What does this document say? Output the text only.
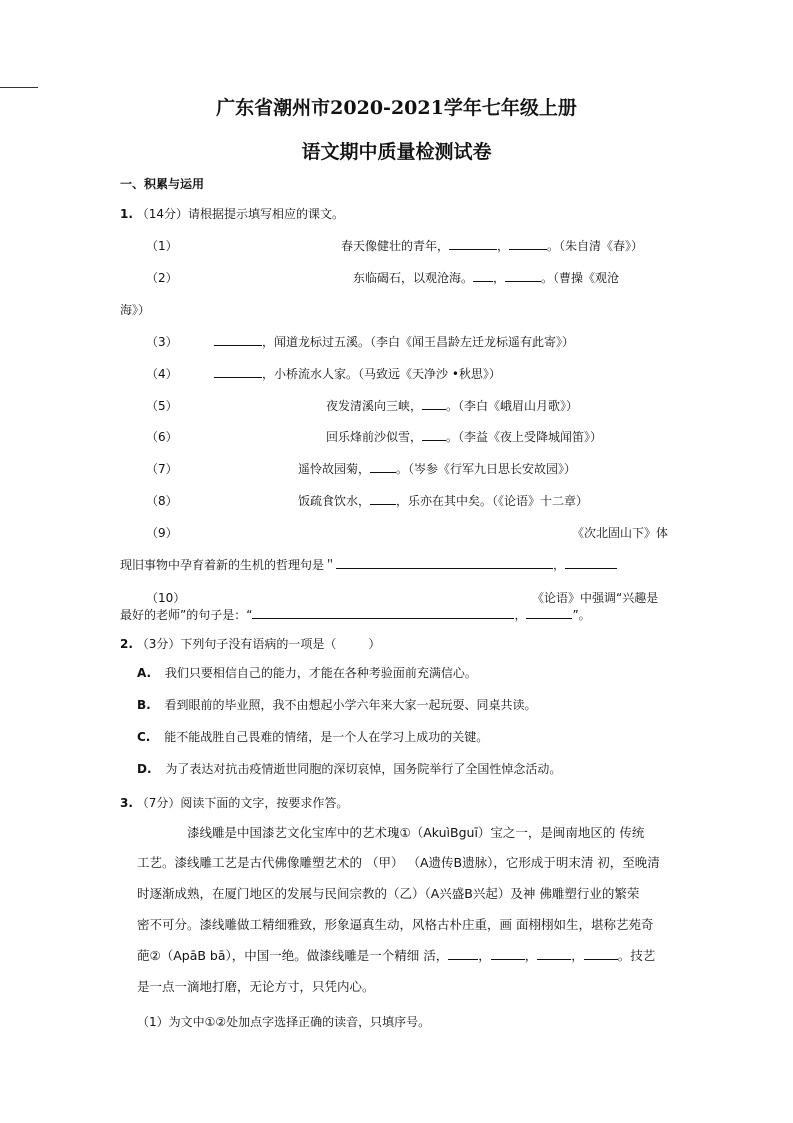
广东省潮州市2020-2021学年七年级上册
语文期中质量检测试卷
一、积累与运用
1. （14分）请根据提示填写相应的课文。
（1）	春天像健壮的青年，	，	。（朱自清《春》）
（2）	东临碣石，以观沧海。 ，	。（曹操《观沧
海》）
（3）	，闻道龙标过五溪。（李白《闻王昌龄左迁龙标遥有此寄》）
（4）	，小桥流水人家。（马致远《天净沙 •秋思》）
（5）	夜发清溪向三峡， 。（李白《峨眉山月歌》）
（6）	回乐烽前沙似雪， 。（李益《夜上受降城闻笛》）
（7）	遥怜故园菊， 。（岑参《行军九日思长安故园》）
（8）	饭疏食饮水， ，乐亦在其中矣。（《论语》十二章）
（9）	《次北固山下》体
现旧事物中孕育着新的生机的哲理句是＂	，
（10）	《论语》中强调“兴趣是
最好的老师”的句子是：“	，	”。
2. （3分）下列句子没有语病的一项是（	）
A. 我们只要相信自己的能力，才能在各种考验面前充满信心。
B. 看到眼前的毕业照，我不由想起小学六年来大家一起玩耍、同桌共读。
C. 能不能战胜自己畏难的情绪，是一个人在学习上成功的关键。
D. 为了表达对抗击疫情逝世同胞的深切哀悼，国务院举行了全国性悼念活动。
3. （7分）阅读下面的文字，按要求作答。
漆线雕是中国漆艺文化宝库中的艺术瑰①（AkuìBguī）宝之一，是闽南地区的 传统
工艺。漆线雕工艺是古代佛像雕塑艺术的 （甲） （A遗传B遗脉），它形成于明末清 初，至晚清
时逐渐成熟，在厦门地区的发展与民间宗教的（乙）（A兴盛B兴起）及神 佛雕塑行业的繁荣
密不可分。漆线雕做工精细雅致，形象逼真生动，风格古朴庄重，画 面栩栩如生，堪称艺苑奇
葩②（ApāB bā），中国一绝。做漆线雕是一个精细 活， ，	，	，	。技艺
是一点一滴地打磨，无论方寸，只凭内心。
（1）为文中①②处加点字选择正确的读音，只填序号。
